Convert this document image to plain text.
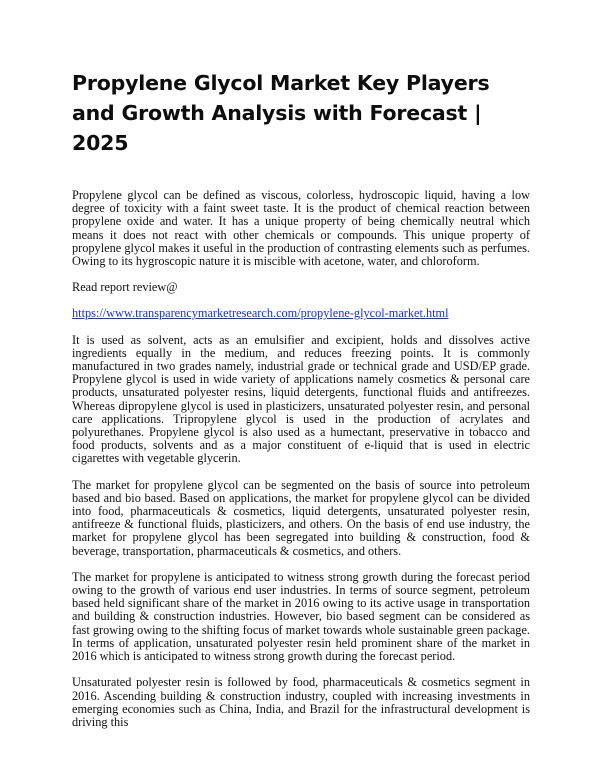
Propylene Glycol Market Key Players and Growth Analysis with Forecast | 2025

Propylene glycol can be defined as viscous, colorless, hydroscopic liquid, having a low degree of toxicity with a faint sweet taste. It is the product of chemical reaction between propylene oxide and water. It has a unique property of being chemically neutral which means it does not react with other chemicals or compounds. This unique property of propylene glycol makes it useful in the production of contrasting elements such as perfumes. Owing to its hygroscopic nature it is miscible with acetone, water, and chloroform.

Read report review@

https://www.transparencymarketresearch.com/propylene-glycol-market.html

It is used as solvent, acts as an emulsifier and excipient, holds and dissolves active ingredients equally in the medium, and reduces freezing points. It is commonly manufactured in two grades namely, industrial grade or technical grade and USD/EP grade. Propylene glycol is used in wide variety of applications namely cosmetics & personal care products, unsaturated polyester resins, liquid detergents, functional fluids and antifreezes. Whereas dipropylene glycol is used in plasticizers, unsaturated polyester resin, and personal care applications. Tripropylene glycol is used in the production of acrylates and polyurethanes. Propylene glycol is also used as a humectant, preservative in tobacco and food products, solvents and as a major constituent of e-liquid that is used in electric cigarettes with vegetable glycerin.

The market for propylene glycol can be segmented on the basis of source into petroleum based and bio based. Based on applications, the market for propylene glycol can be divided into food, pharmaceuticals & cosmetics, liquid detergents, unsaturated polyester resin, antifreeze & functional fluids, plasticizers, and others. On the basis of end use industry, the market for propylene glycol has been segregated into building & construction, food & beverage, transportation, pharmaceuticals & cosmetics, and others.

The market for propylene is anticipated to witness strong growth during the forecast period owing to the growth of various end user industries. In terms of source segment, petroleum based held significant share of the market in 2016 owing to its active usage in transportation and building & construction industries. However, bio based segment can be considered as fast growing owing to the shifting focus of market towards whole sustainable green package. In terms of application, unsaturated polyester resin held prominent share of the market in 2016 which is anticipated to witness strong growth during the forecast period.

Unsaturated polyester resin is followed by food, pharmaceuticals & cosmetics segment in 2016. Ascending building & construction industry, coupled with increasing investments in emerging economies such as China, India, and Brazil for the infrastructural development is driving this
